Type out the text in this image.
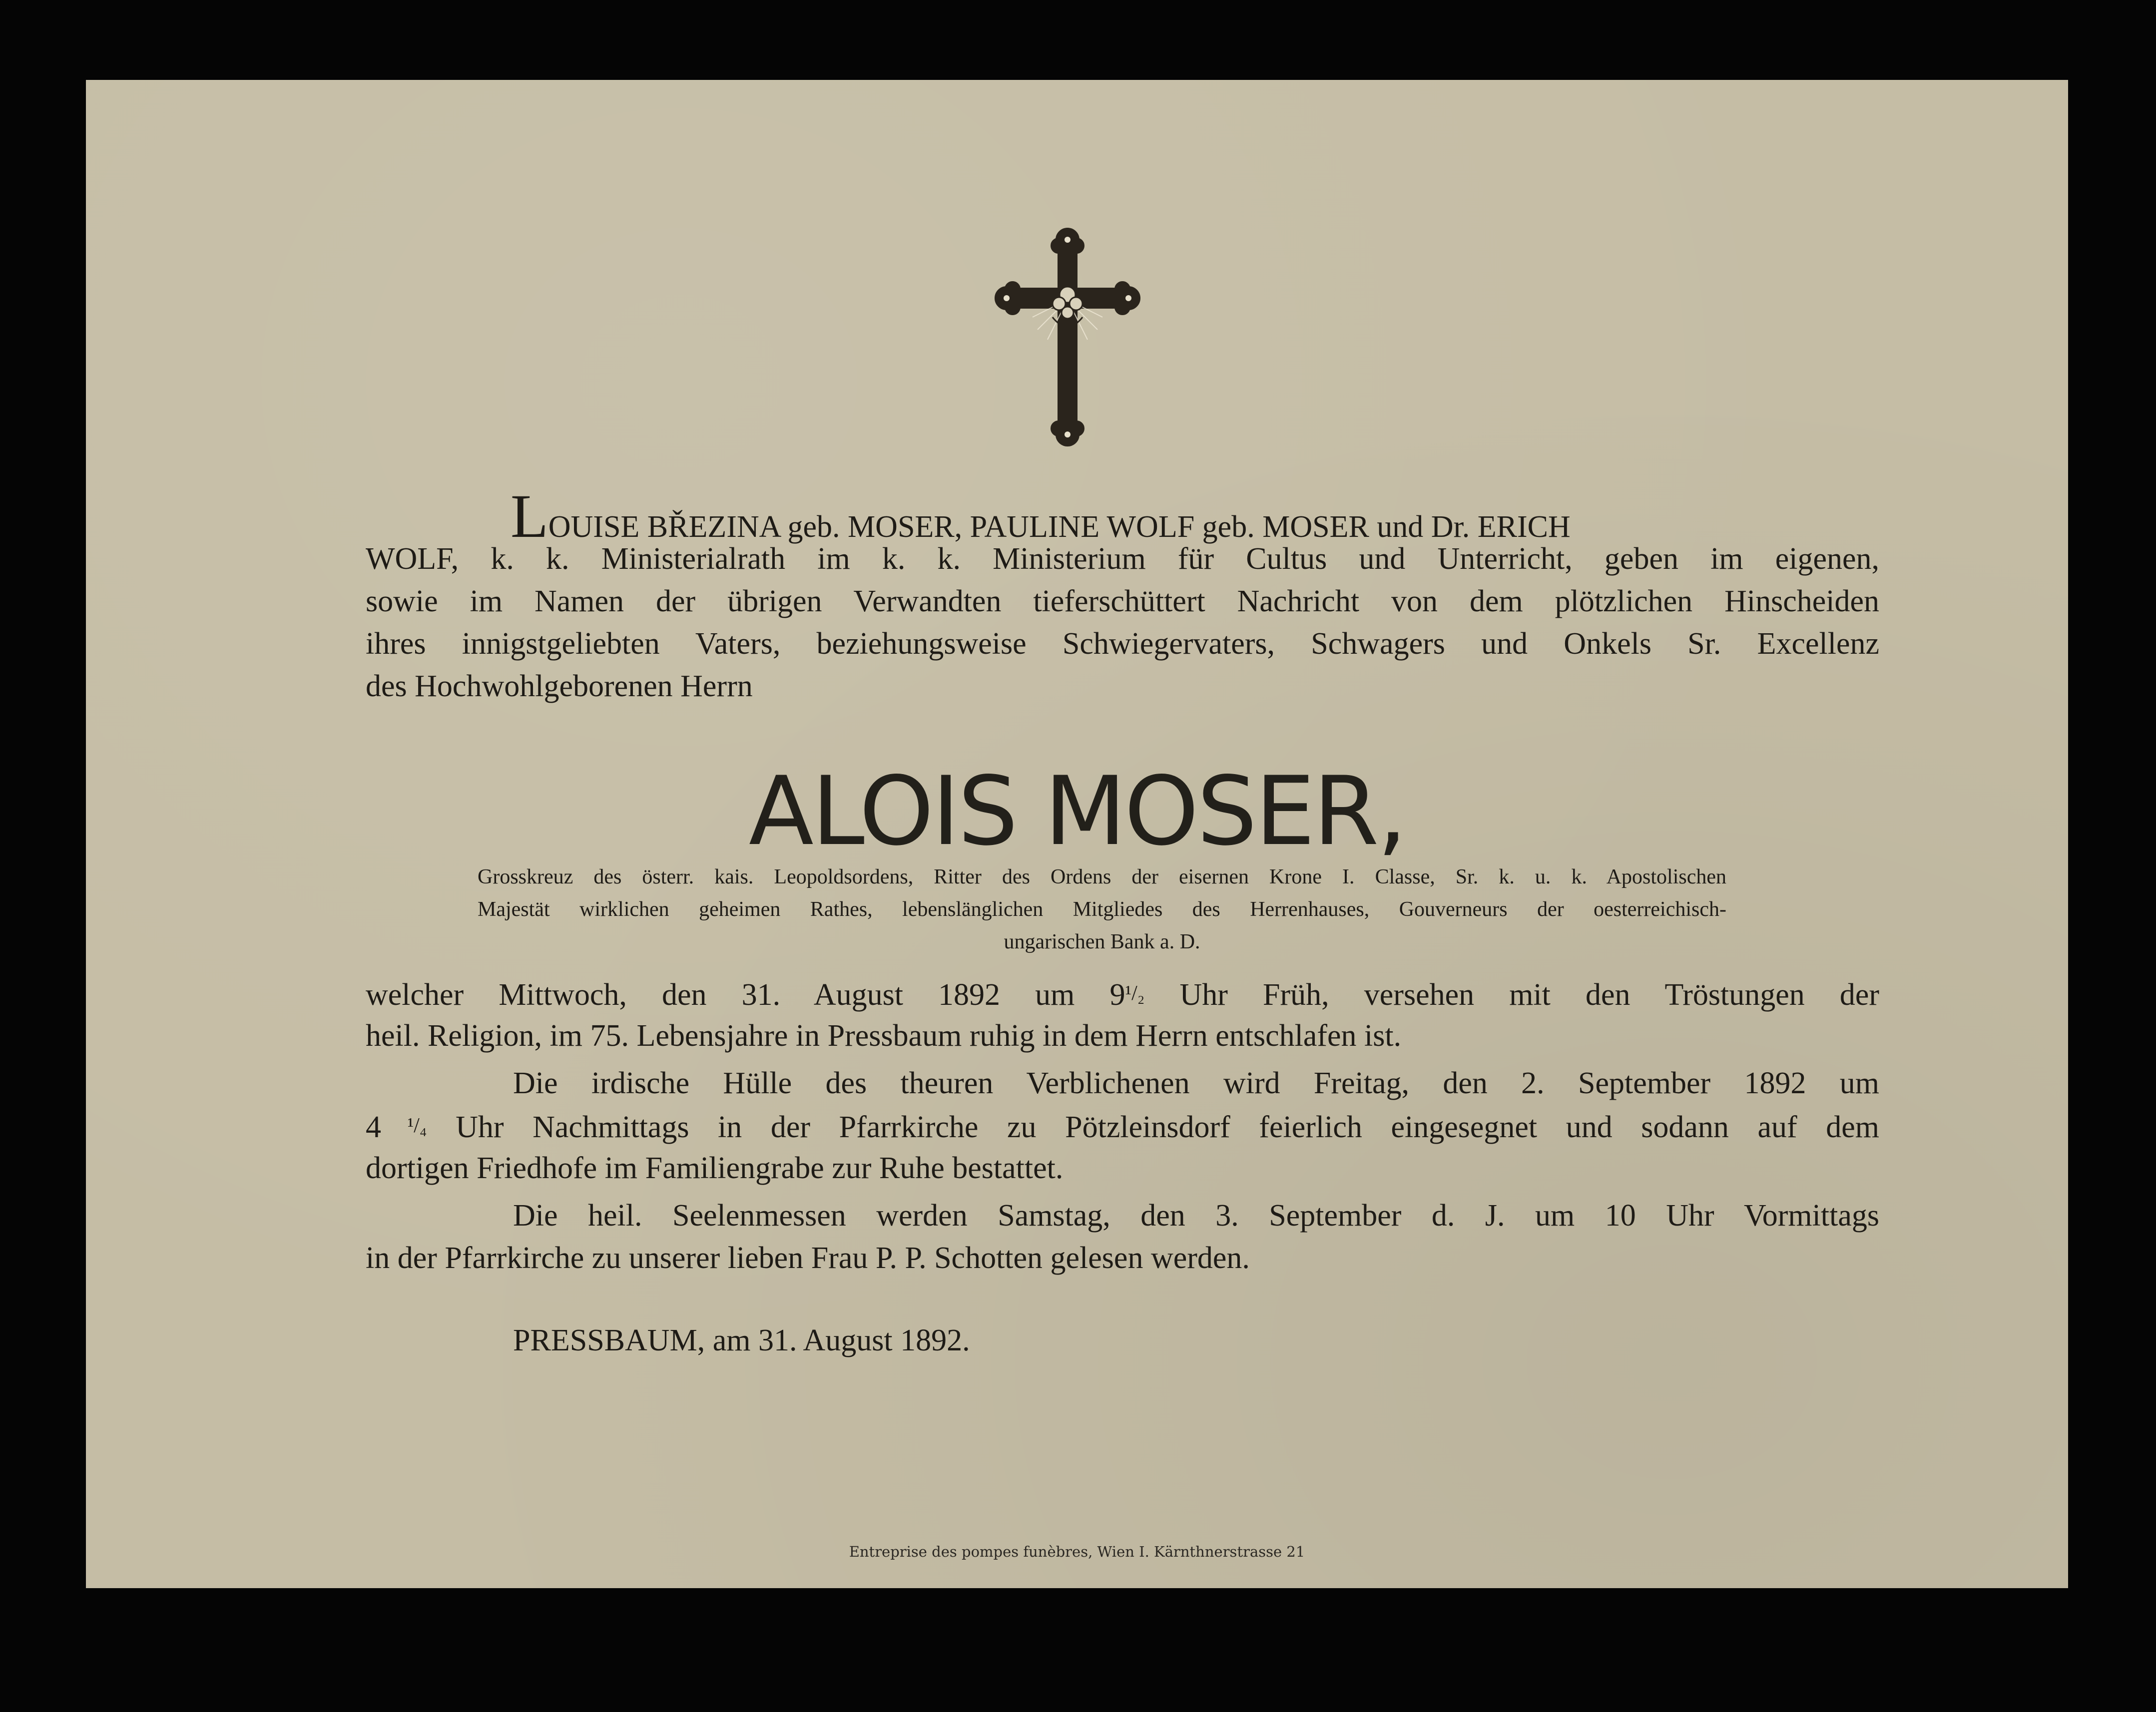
LOUISE BŘEZINA geb. MOSER, PAULINE WOLF geb. MOSER und Dr. ERICH
WOLF, k. k. Ministerialrath im k. k. Ministerium für Cultus und Unterricht, geben im eigenen,
sowie im Namen der übrigen Verwandten tieferschüttert Nachricht von dem plötzlichen Hinscheiden
ihres innigstgeliebten Vaters, beziehungsweise Schwiegervaters, Schwagers und Onkels Sr. Excellenz
des Hochwohlgeborenen Herrn
ALOIS MOSER,
Grosskreuz des österr. kais. Leopoldsordens, Ritter des Ordens der eisernen Krone I. Classe, Sr. k. u. k. Apostolischen
Majestät wirklichen geheimen Rathes, lebenslänglichen Mitgliedes des Herrenhauses, Gouverneurs der oesterreichisch-
ungarischen Bank a. D.
welcher Mittwoch, den 31. August 1892 um 9¹/₂ Uhr Früh, versehen mit den Tröstungen der
heil. Religion, im 75. Lebensjahre in Pressbaum ruhig in dem Herrn entschlafen ist.
Die irdische Hülle des theuren Verblichenen wird Freitag, den 2. September 1892 um
4 ¹/₄ Uhr Nachmittags in der Pfarrkirche zu Pötzleinsdorf feierlich eingesegnet und sodann auf dem
dortigen Friedhofe im Familiengrabe zur Ruhe bestattet.
Die heil. Seelenmessen werden Samstag, den 3. September d. J. um 10 Uhr Vormittags
in der Pfarrkirche zu unserer lieben Frau P. P. Schotten gelesen werden.
PRESSBAUM, am 31. August 1892.
Entreprise des pompes funèbres, Wien I. Kärnthnerstrasse 21
